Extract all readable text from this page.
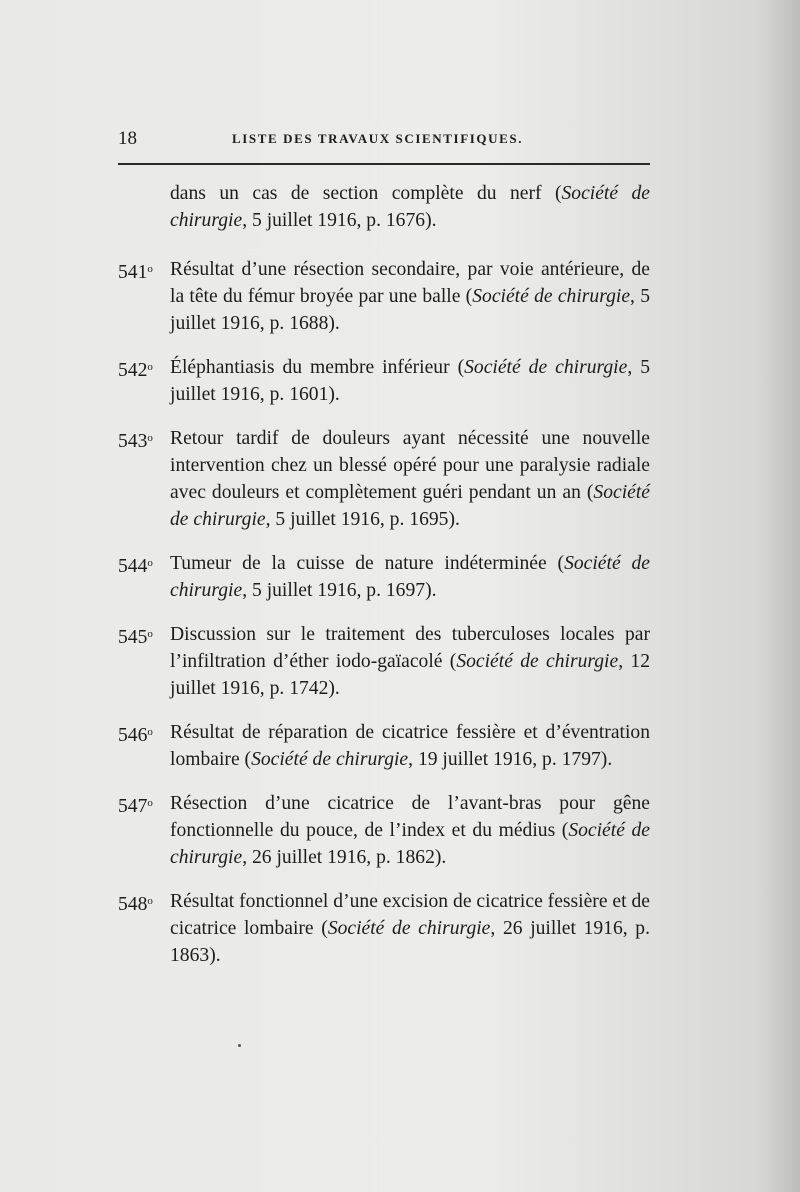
18	LISTE DES TRAVAUX SCIENTIFIQUES.
dans un cas de section complète du nerf (Société de chirurgie, 5 juillet 1916, p. 1676).
541$^o$ Résultat d’une résection secondaire, par voie antérieure, de la tête du fémur broyée par une balle (Société de chirurgie, 5 juillet 1916, p. 1688).
542$^o$ Éléphantiasis du membre inférieur (Société de chirurgie, 5 juillet 1916, p. 1601).
543$^o$ Retour tardif de douleurs ayant nécessité une nouvelle intervention chez un blessé opéré pour une paralysie radiale avec douleurs et complètement guéri pendant un an (Société de chirurgie, 5 juillet 1916, p. 1695).
544$^o$ Tumeur de la cuisse de nature indéterminée (Société de chirurgie, 5 juillet 1916, p. 1697).
545$^o$ Discussion sur le traitement des tuberculoses locales par l’infiltration d’éther iodo-gaïacolé (Société de chirurgie, 12 juillet 1916, p. 1742).
546$^o$ Résultat de réparation de cicatrice fessière et d’éventration lombaire (Société de chirurgie, 19 juillet 1916, p. 1797).
547$^o$ Résection d’une cicatrice de l’avant-bras pour gêne fonctionnelle du pouce, de l’index et du médius (Société de chirurgie, 26 juillet 1916, p. 1862).
548$^o$ Résultat fonctionnel d’une excision de cicatrice fessière et de cicatrice lombaire (Société de chirurgie, 26 juillet 1916, p. 1863).
